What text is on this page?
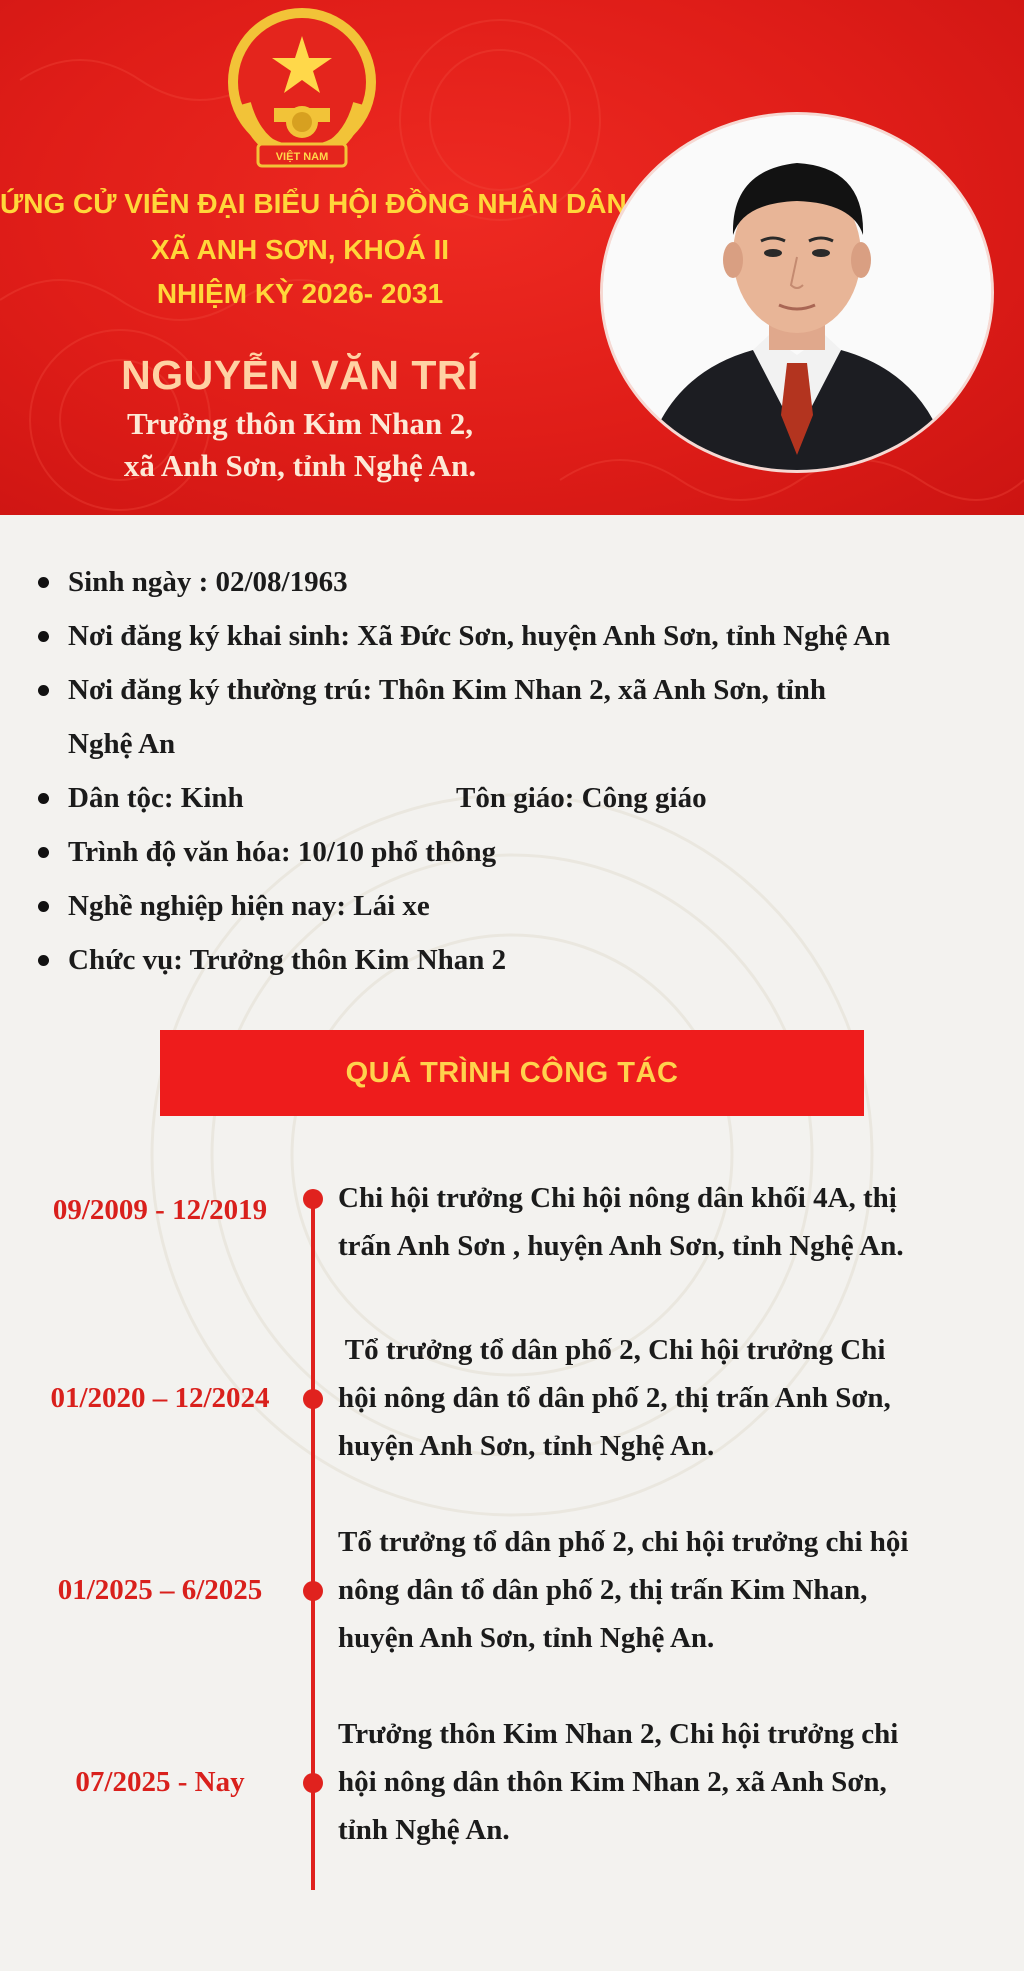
VIỆT NAM

ỨNG CỬ VIÊN ĐẠI BIỂU HỘI ĐỒNG NHÂN DÂN

XÃ ANH SƠN, KHOÁ II

NHIỆM KỲ 2026- 2031

NGUYỄN VĂN TRÍ
Trưởng thôn Kim Nhan 2,
xã Anh Sơn, tỉnh Nghệ An.
Sinh ngày : 02/08/1963
Nơi đăng ký khai sinh: Xã Đức Sơn, huyện Anh Sơn, tỉnh Nghệ An
Nơi đăng ký thường trú: Thôn Kim Nhan 2, xã Anh Sơn, tỉnh
Nghệ An
Dân tộc: Kinh	Tôn giáo: Công giáo
Trình độ văn hóa: 10/10 phổ thông
Nghề nghiệp hiện nay: Lái xe
Chức vụ: Trưởng thôn Kim Nhan 2
QUÁ TRÌNH CÔNG TÁC
09/2009 - 12/2019	Chi hội trưởng Chi hội nông dân khối 4A, thị
trấn Anh Sơn , huyện Anh Sơn, tỉnh Nghệ An.

01/2020 – 12/2024

Tổ trưởng tổ dân phố 2, Chi hội trưởng Chi
hội nông dân tổ dân phố 2, thị trấn Anh Sơn,
huyện Anh Sơn, tỉnh Nghệ An.

01/2025 – 6/2025

Tổ trưởng tổ dân phố 2, chi hội trưởng chi hội
nông dân tổ dân phố 2, thị trấn Kim Nhan,
huyện Anh Sơn, tỉnh Nghệ An.

07/2025 - Nay

Trưởng thôn Kim Nhan 2, Chi hội trưởng chi
hội nông dân thôn Kim Nhan 2, xã Anh Sơn,
tỉnh Nghệ An.
